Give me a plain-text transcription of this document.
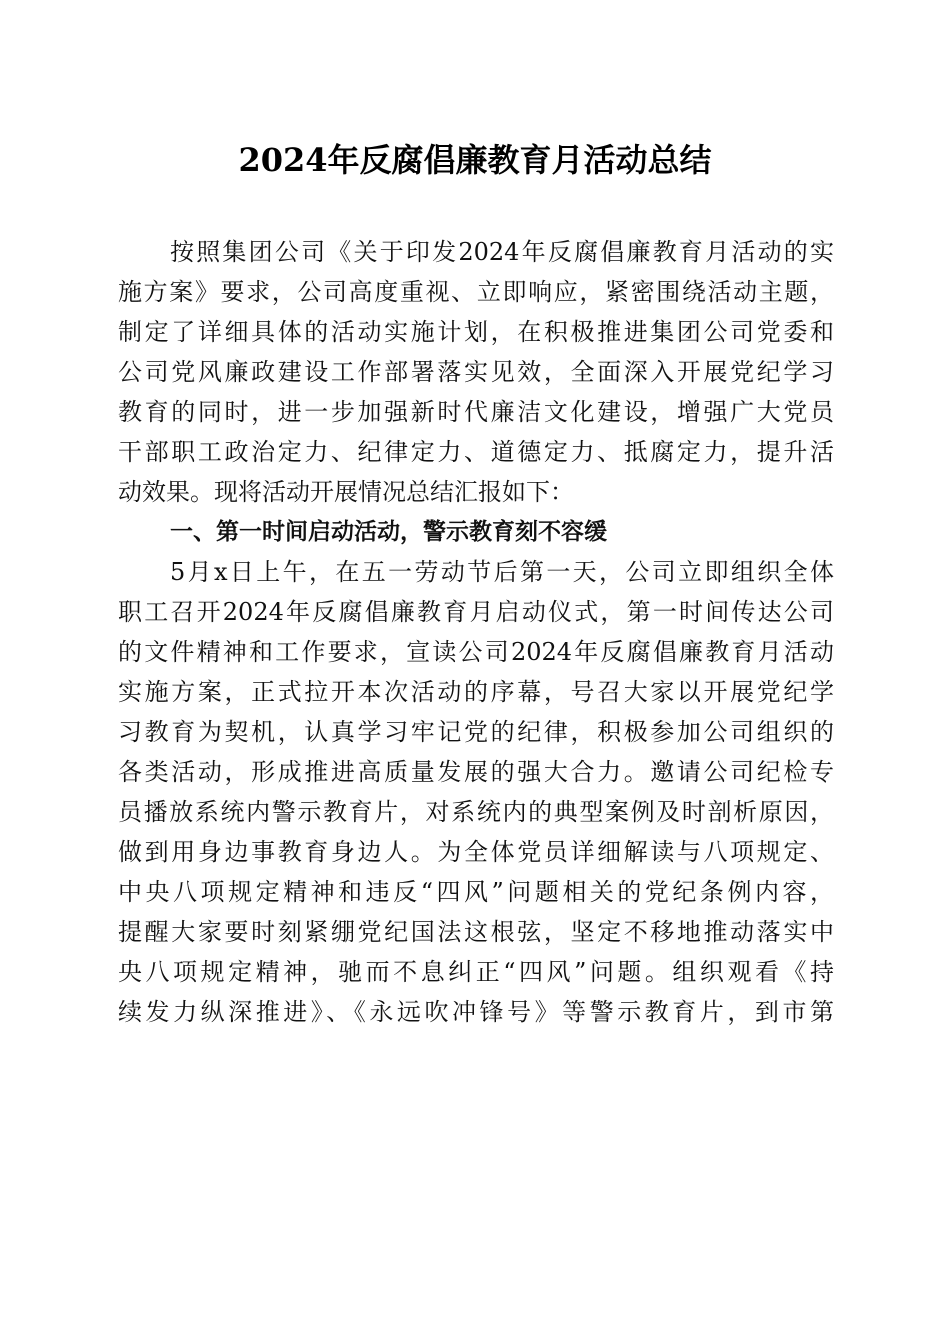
2024年反腐倡廉教育月活动总结
按照集团公司《关于印发2024年反腐倡廉教育月活动的实
施方案》要求，公司高度重视、立即响应，紧密围绕活动主题，
制定了详细具体的活动实施计划，在积极推进集团公司党委和
公司党风廉政建设工作部署落实见效，全面深入开展党纪学习
教育的同时，进一步加强新时代廉洁文化建设，增强广大党员
干部职工政治定力、纪律定力、道德定力、抵腐定力，提升活
动效果。现将活动开展情况总结汇报如下：
一、第一时间启动活动，警示教育刻不容缓
5月x日上午，在五一劳动节后第一天，公司立即组织全体
职工召开2024年反腐倡廉教育月启动仪式，第一时间传达公司
的文件精神和工作要求，宣读公司2024年反腐倡廉教育月活动
实施方案，正式拉开本次活动的序幕，号召大家以开展党纪学
习教育为契机，认真学习牢记党的纪律，积极参加公司组织的
各类活动，形成推进高质量发展的强大合力。邀请公司纪检专
员播放系统内警示教育片，对系统内的典型案例及时剖析原因，
做到用身边事教育身边人。为全体党员详细解读与八项规定、
中央八项规定精神和违反“四风”问题相关的党纪条例内容，
提醒大家要时刻紧绷党纪国法这根弦，坚定不移地推动落实中
央八项规定精神，驰而不息纠正“四风”问题。组织观看《持
续发力纵深推进》、《永远吹冲锋号》等警示教育片，到市第
